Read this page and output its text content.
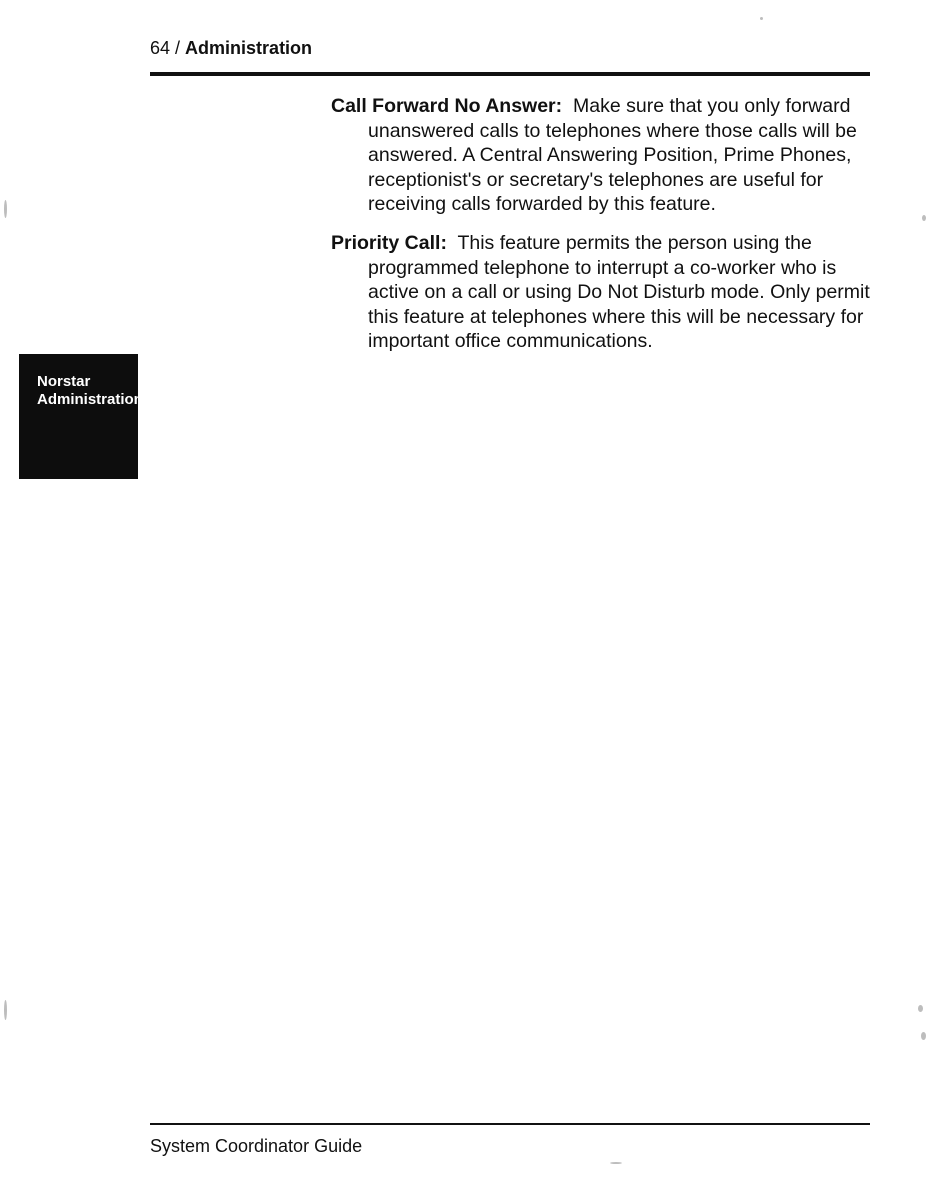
64 / Administration
Norstar
Administration

Call Forward No Answer: Make sure that you only forward unanswered calls to telephones where those calls will be answered. A Central Answering Position, Prime Phones, receptionist's or secretary's telephones are useful for receiving calls forwarded by this feature.

Priority Call: This feature permits the person using the programmed telephone to interrupt a co-worker who is active on a call or using Do Not Disturb mode. Only permit this feature at telephones where this will be necessary for important office communications.

System Coordinator Guide
